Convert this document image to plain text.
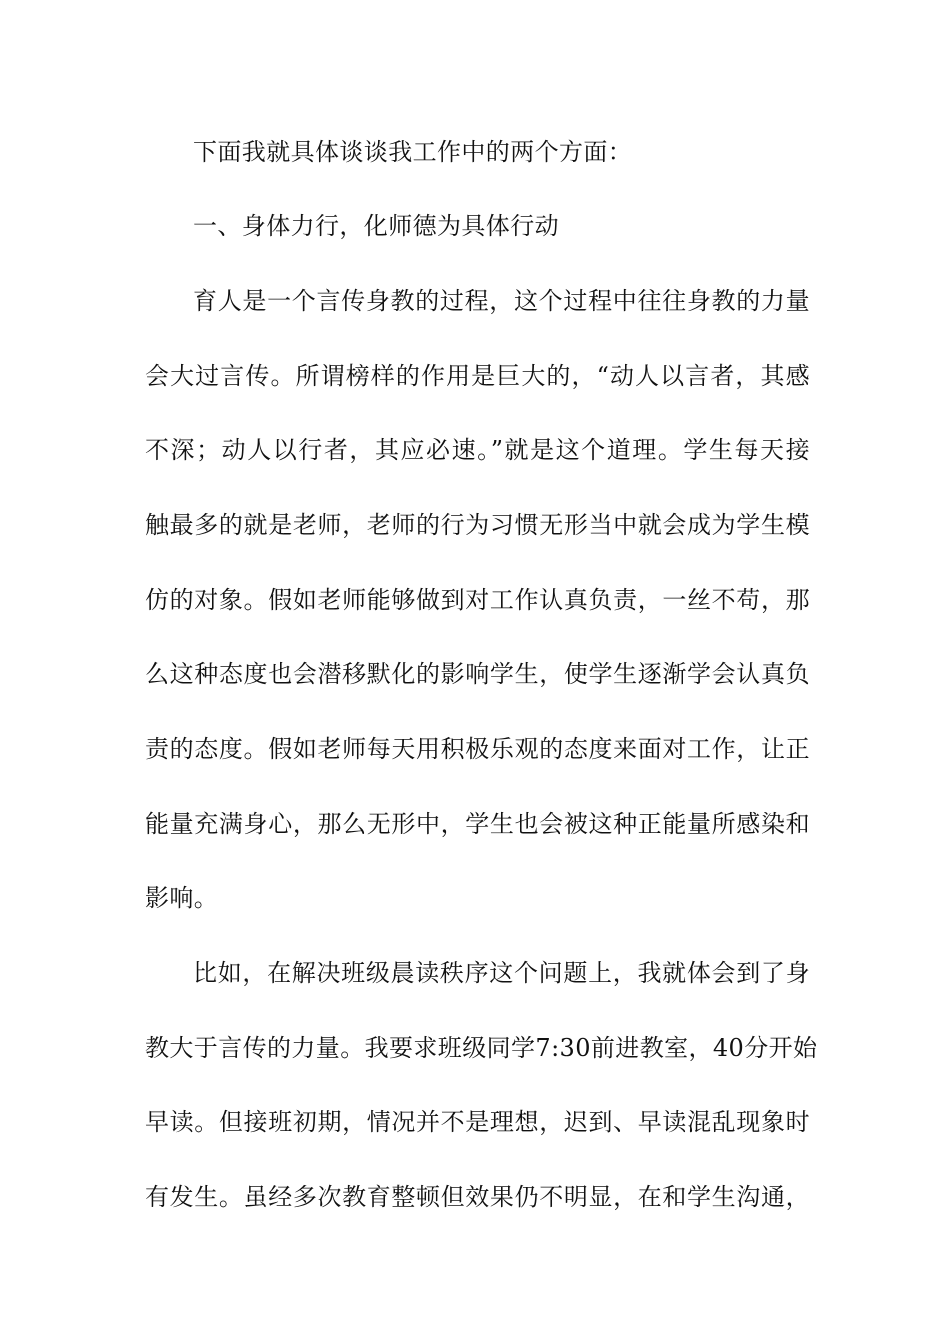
下面我就具体谈谈我工作中的两个方面：
一、身体力行，化师德为具体行动
育人是一个言传身教的过程，这个过程中往往身教的力量
会大过言传。所谓榜样的作用是巨大的，“动人以言者，其感
不深；动人以行者，其应必速。”就是这个道理。学生每天接
触最多的就是老师，老师的行为习惯无形当中就会成为学生模
仿的对象。假如老师能够做到对工作认真负责，一丝不苟，那
么这种态度也会潜移默化的影响学生，使学生逐渐学会认真负
责的态度。假如老师每天用积极乐观的态度来面对工作，让正
能量充满身心，那么无形中，学生也会被这种正能量所感染和
影响。
比如，在解决班级晨读秩序这个问题上，我就体会到了身
教大于言传的力量。我要求班级同学7:30前进教室，40分开始
早读。但接班初期，情况并不是理想，迟到、早读混乱现象时
有发生。虽经多次教育整顿但效果仍不明显，在和学生沟通，
